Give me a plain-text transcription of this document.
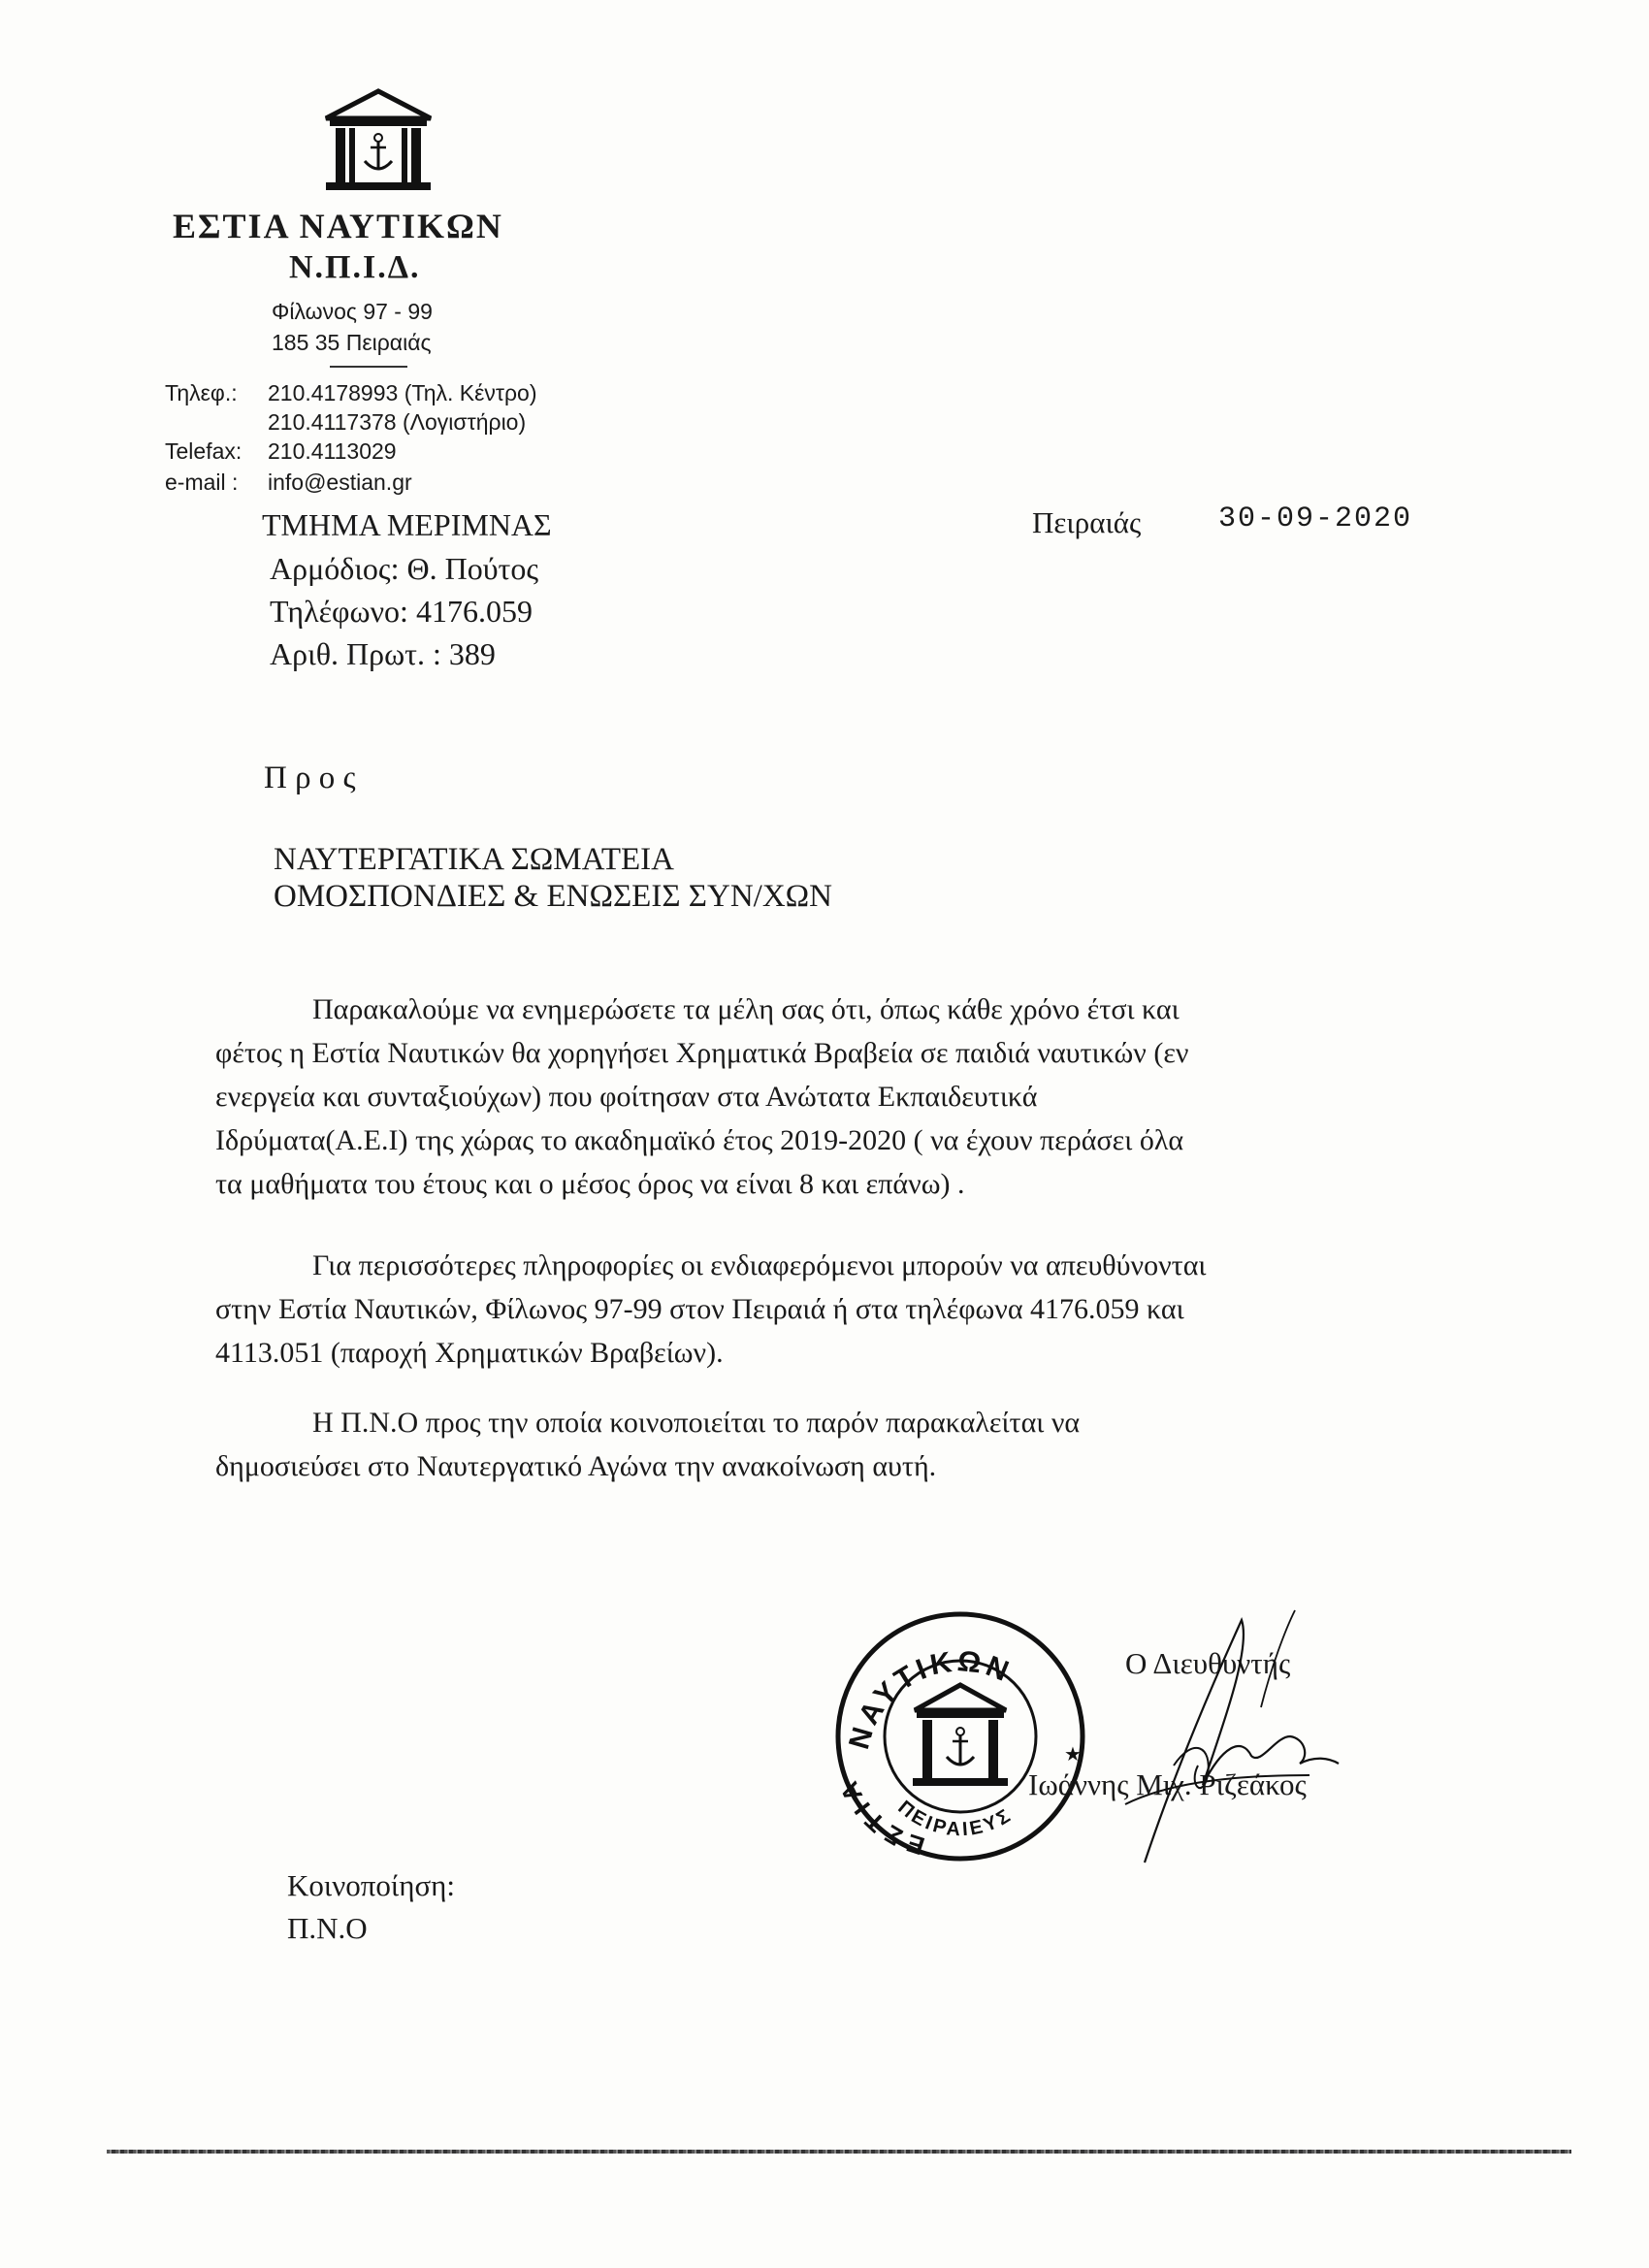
ΕΣΤΙΑ ΝΑΥΤΙΚΩΝ
Ν.Π.Ι.Δ.
Φίλωνος 97 - 99
185 35 Πειραιάς
Τηλεφ.: 210.4178993 (Τηλ. Κέντρο)
210.4117378 (Λογιστήριο)
Telefax: 210.4113029
e-mail : info@estian.gr
ΤΜΗΜΑ ΜΕΡΙΜΝΑΣ
Αρμόδιος: Θ. Πούτος
Τηλέφωνο: 4176.059
Αριθ. Πρωτ. : 389
Πειραιάς	30-09-2020
Π ρ ο ς
ΝΑΥΤΕΡΓΑΤΙΚΑ ΣΩΜΑΤΕΙΑ
ΟΜΟΣΠΟΝΔΙΕΣ & ΕΝΩΣΕΙΣ ΣΥΝ/ΧΩΝ
Παρακαλούμε να ενημερώσετε τα μέλη σας ότι, όπως κάθε χρόνο έτσι και
φέτος η Εστία Ναυτικών θα χορηγήσει Χρηματικά Βραβεία σε παιδιά ναυτικών (εν
ενεργεία και συνταξιούχων) που φοίτησαν στα Ανώτατα Εκπαιδευτικά
Ιδρύματα(Α.Ε.Ι) της χώρας το ακαδημαϊκό έτος 2019-2020 ( να έχουν περάσει όλα
τα μαθήματα του έτους και ο μέσος όρος να είναι 8 και επάνω) .
Για περισσότερες πληροφορίες οι ενδιαφερόμενοι μπορούν να απευθύνονται
στην Εστία Ναυτικών, Φίλωνος 97-99 στον Πειραιά ή στα τηλέφωνα 4176.059 και
4113.051 (παροχή Χρηματικών Βραβείων).
Η Π.Ν.Ο προς την οποία κοινοποιείται το παρόν παρακαλείται να
δημοσιεύσει στο Ναυτεργατικό Αγώνα την ανακοίνωση αυτή.
ΝΑΥΤΙΚΩΝ
ΕΣΤΙΑ
ΠΕΙΡΑΙΕΥΣ
★
Ο Διευθυντής
Ιωάννης Μιχ. Ριζεάκος
Κοινοποίηση:
Π.Ν.Ο
